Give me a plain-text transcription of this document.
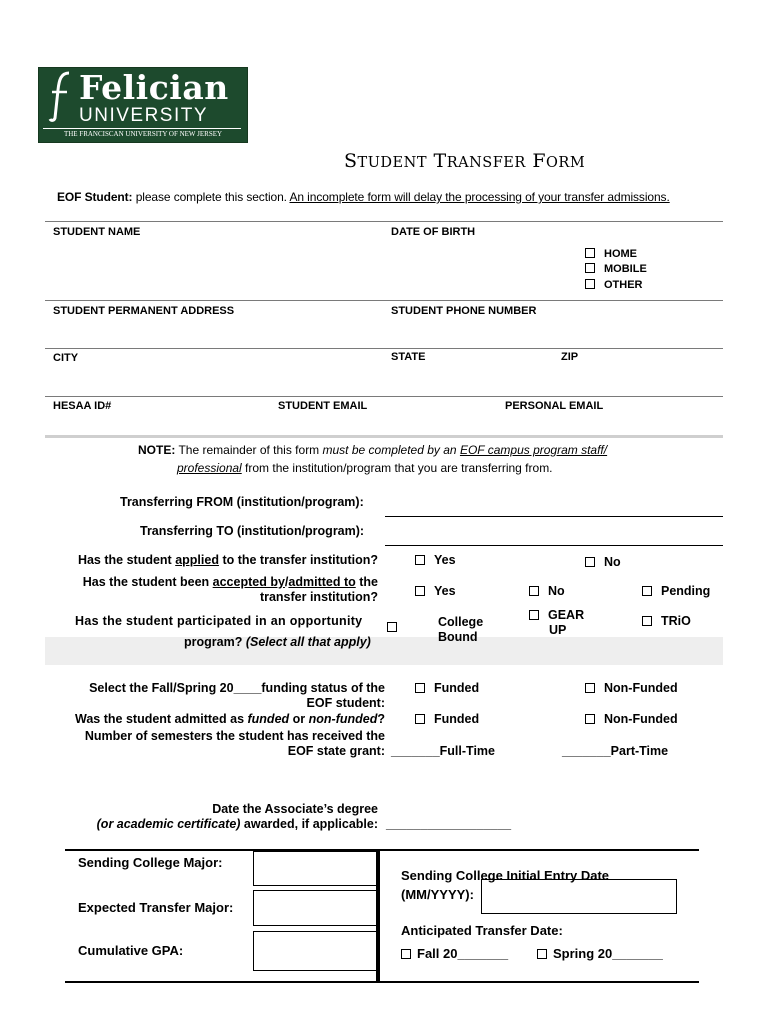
Felician
UNIVERSITY
THE FRANCISCAN UNIVERSITY OF NEW JERSEY
STUDENT TRANSFER FORM
EOF Student: please complete this section. An incomplete form will delay the processing of your transfer admissions.
STUDENT NAME	DATE OF BIRTH
HOME
MOBILE
OTHER
STUDENT PERMANENT ADDRESS	STUDENT PHONE NUMBER
CITY	STATE	ZIP
HESAA ID#	STUDENT EMAIL	PERSONAL EMAIL
NOTE: The remainder of this form must be completed by an EOF campus program staff/
professional from the institution/program that you are transferring from.
Transferring FROM (institution/program):
Transferring TO (institution/program):
Has the student applied to the transfer institution?	Yes	No
Has the student been accepted by/admitted to the
transfer institution?	Yes	No	Pending
Has the student participated in an opportunity
program? (Select all that apply)
College
Bound
GEAR
UP
TRiO
Select the Fall/Spring 20____funding status of the
EOF student:
Funded	Non-Funded
Was the student admitted as funded or non-funded?	Funded	Non-Funded
Number of semesters the student has received the
EOF state grant: _______Full-Time	_______Part-Time
Date the Associate’s degree
(or academic certificate) awarded, if applicable: __________________
Sending College Major:
Expected Transfer Major:
Cumulative GPA:
Sending College Initial Entry Date
(MM/YYYY):
Anticipated Transfer Date:
Fall 20_______	Spring 20_______
